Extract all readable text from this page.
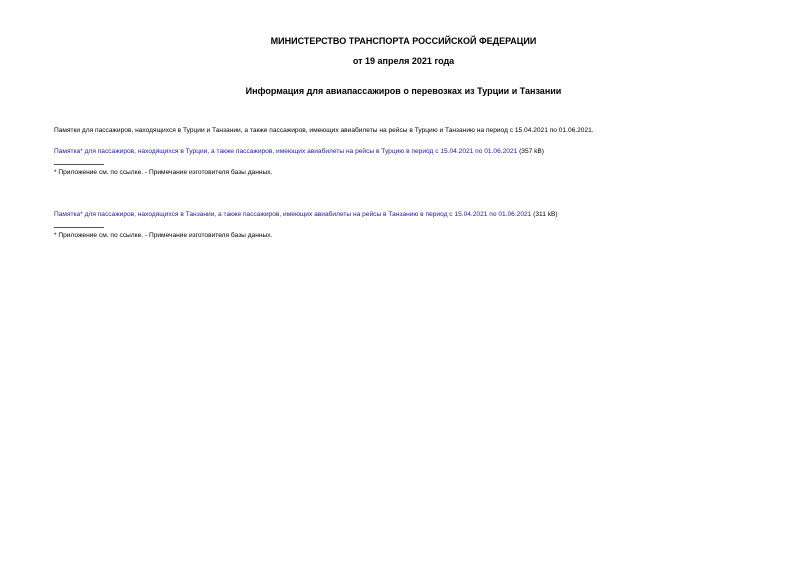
МИНИСТЕРСТВО ТРАНСПОРТА РОССИЙСКОЙ ФЕДЕРАЦИИ
от 19 апреля 2021 года
Информация для авиапассажиров о перевозках из Турции и Танзании
Памятки для пассажиров, находящихся в Турции и Танзании, а также пассажиров, имеющих авиабилеты на рейсы в Турцию и Танзанию на период с 15.04.2021 по 01.06.2021.
Памятка* для пассажиров, находящихся в Турции, а также пассажиров, имеющих авиабилеты на рейсы в Турцию в период с 15.04.2021 по 01.06.2021 (357 kB)
* Приложение см. по ссылке. - Примечание изготовителя базы данных.
Памятка* для пассажиров, находящихся в Танзании, а также пассажиров, имеющих авиабилеты на рейсы в Танзанию в период с 15.04.2021 по 01.06.2021 (311 kB)
* Приложение см. по ссылке. - Примечание изготовителя базы данных.
